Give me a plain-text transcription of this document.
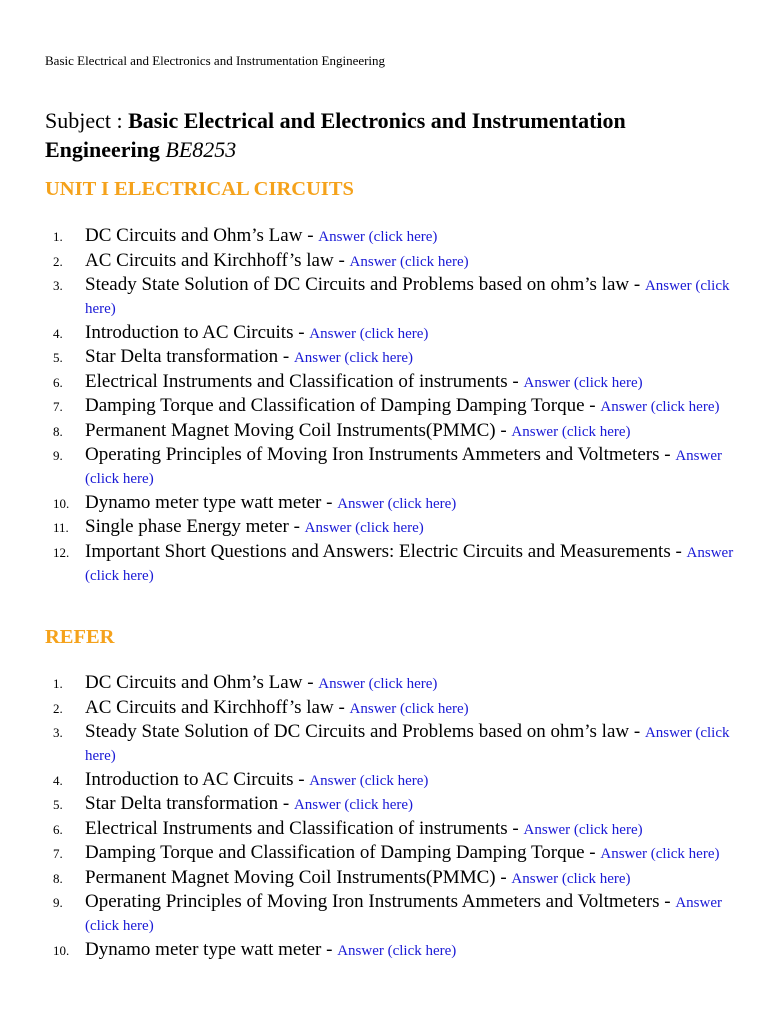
Basic Electrical and Electronics and Instrumentation Engineering
Subject : Basic Electrical and Electronics and Instrumentation Engineering BE8253
UNIT I ELECTRICAL CIRCUITS
1.	DC Circuits and Ohm’s Law - Answer (click here)
2.	AC Circuits and Kirchhoff’s law - Answer (click here)
3.	Steady State Solution of DC Circuits and Problems based on ohm’s law - Answer (click here)
4.	Introduction to AC Circuits - Answer (click here)
5.	Star Delta transformation - Answer (click here)
6.	Electrical Instruments and Classification of instruments - Answer (click here)
7.	Damping Torque and Classification of Damping Damping Torque - Answer (click here)
8.	Permanent Magnet Moving Coil Instruments(PMMC) - Answer (click here)
9.	Operating Principles of Moving Iron Instruments Ammeters and Voltmeters - Answer (click here)
10. Dynamo meter type watt meter - Answer (click here)
11. Single phase Energy meter - Answer (click here)
12. Important Short Questions and Answers: Electric Circuits and Measurements - Answer (click here)
REFER
1.	DC Circuits and Ohm’s Law - Answer (click here)
2.	AC Circuits and Kirchhoff’s law - Answer (click here)
3.	Steady State Solution of DC Circuits and Problems based on ohm’s law - Answer (click here)
4.	Introduction to AC Circuits - Answer (click here)
5.	Star Delta transformation - Answer (click here)
6.	Electrical Instruments and Classification of instruments - Answer (click here)
7.	Damping Torque and Classification of Damping Damping Torque - Answer (click here)
8.	Permanent Magnet Moving Coil Instruments(PMMC) - Answer (click here)
9.	Operating Principles of Moving Iron Instruments Ammeters and Voltmeters - Answer (click here)
10. Dynamo meter type watt meter - Answer (click here)
